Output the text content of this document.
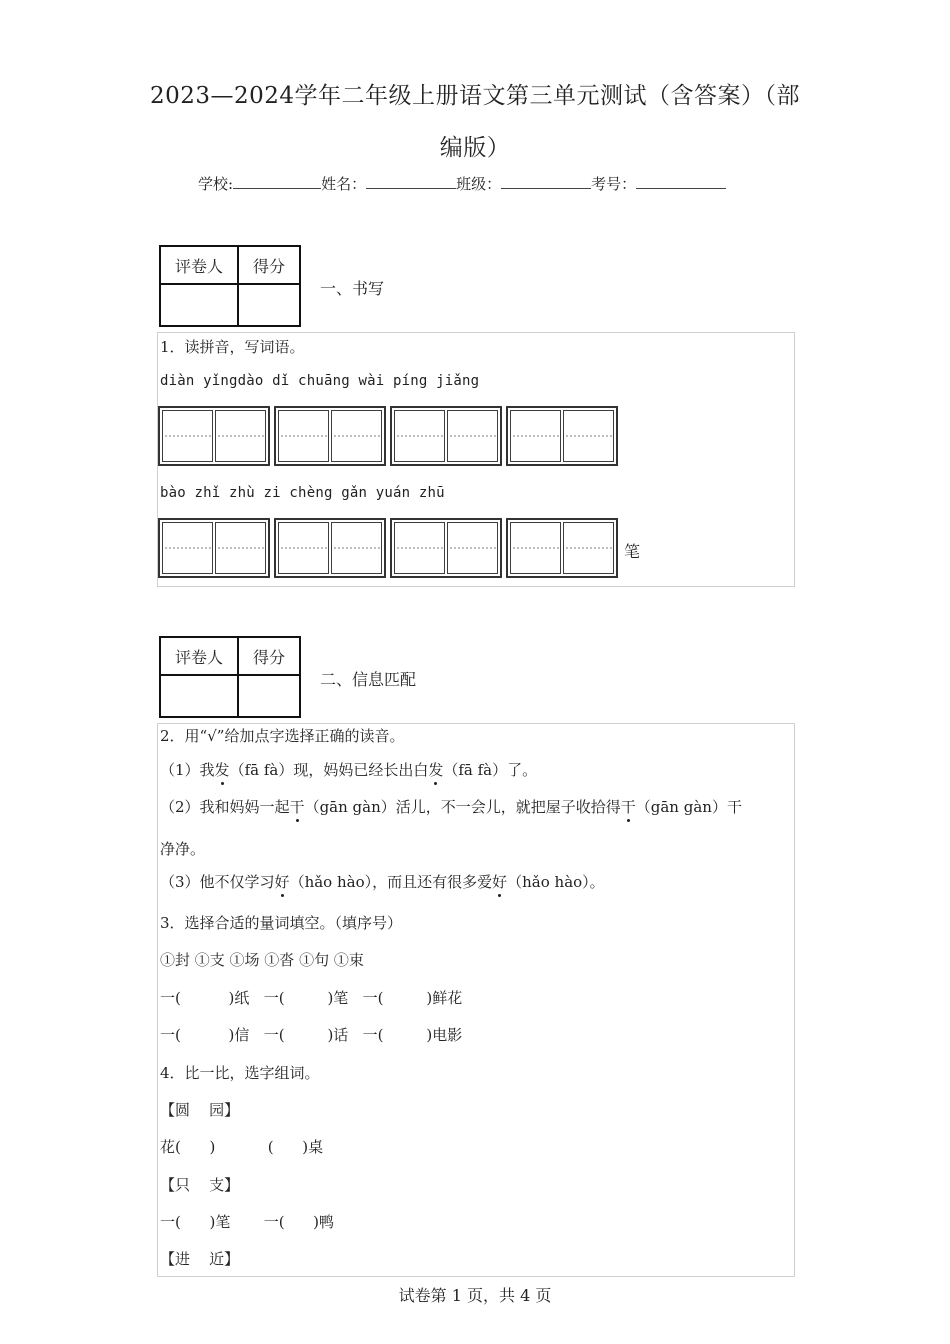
2023—2024学年二年级上册语文第三单元测试（含答案）（部
编版）
学校:	姓名：	班级：	考号：
评卷人	得分

一、书写
1．读拼音，写词语。
diàn yǐngdào dǐ chuāng wài píng jiǎng
bào zhǐ zhù zi chèng gǎn yuán zhū
笔
评卷人	得分

二、信息匹配
2．用“√”给加点字选择正确的读音。
（1）我发（fā fà）现，妈妈已经长出白发（fā fà）了。
（2）我和妈妈一起干（gān gàn）活儿，不一会儿，就把屋子收拾得干（gān gàn）干
净净。
（3）他不仅学习好（hǎo hào），而且还有很多爱好（hǎo hào）。
3．选择合适的量词填空。（填序号）
①封 ①支 ①场 ①沓 ①句 ①束
一(          )纸   一(         )笔   一(         )鲜花
一(          )信   一(         )话   一(         )电影
4．比一比，选字组词。
【圆    园】
花(      )           (      )桌
【只    支】
一(      )笔       一(      )鸭
【进    近】
试卷第 1 页，共 4 页
